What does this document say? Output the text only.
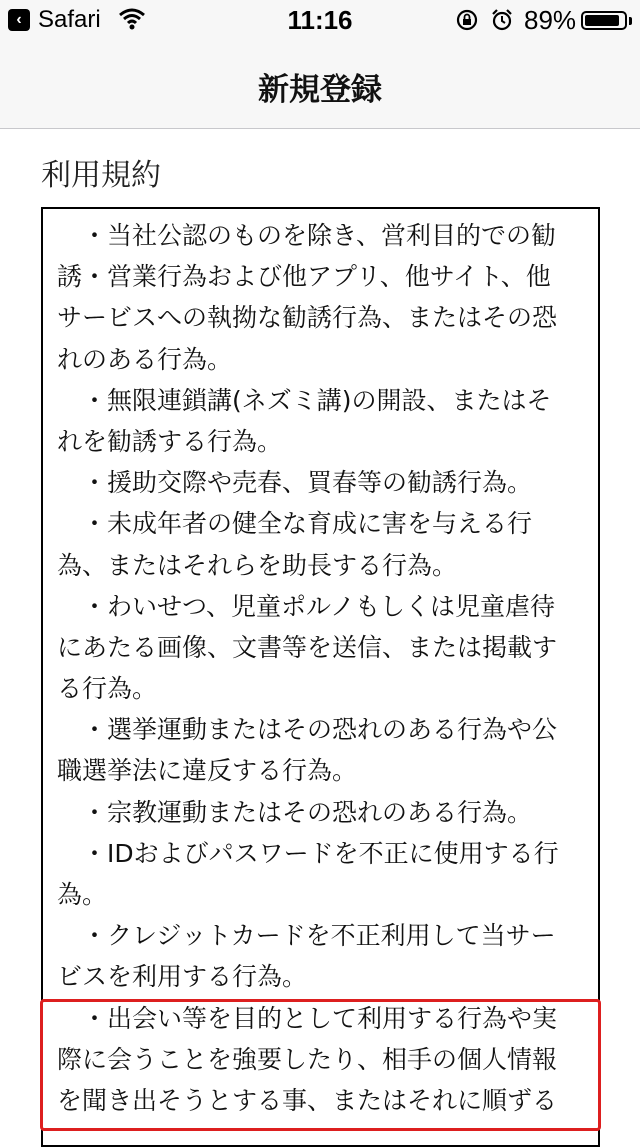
‹ Safari	11:16	89%
新規登録
利用規約
　・当社公認のものを除き、営利目的での勧
誘・営業行為および他アプリ、他サイト、他
サービスへの執拗な勧誘行為、またはその恐
れのある行為。
　・無限連鎖講(ネズミ講)の開設、またはそ
れを勧誘する行為。
　・援助交際や売春、買春等の勧誘行為。
　・未成年者の健全な育成に害を与える行
為、またはそれらを助長する行為。
　・わいせつ、児童ポルノもしくは児童虐待
にあたる画像、文書等を送信、または掲載す
る行為。
　・選挙運動またはその恐れのある行為や公
職選挙法に違反する行為。
　・宗教運動またはその恐れのある行為。
　・IDおよびパスワードを不正に使用する行
為。
　・クレジットカードを不正利用して当サー
ビスを利用する行為。
　・出会い等を目的として利用する行為や実
際に会うことを強要したり、相手の個人情報
を聞き出そうとする事、またはそれに順ずる
